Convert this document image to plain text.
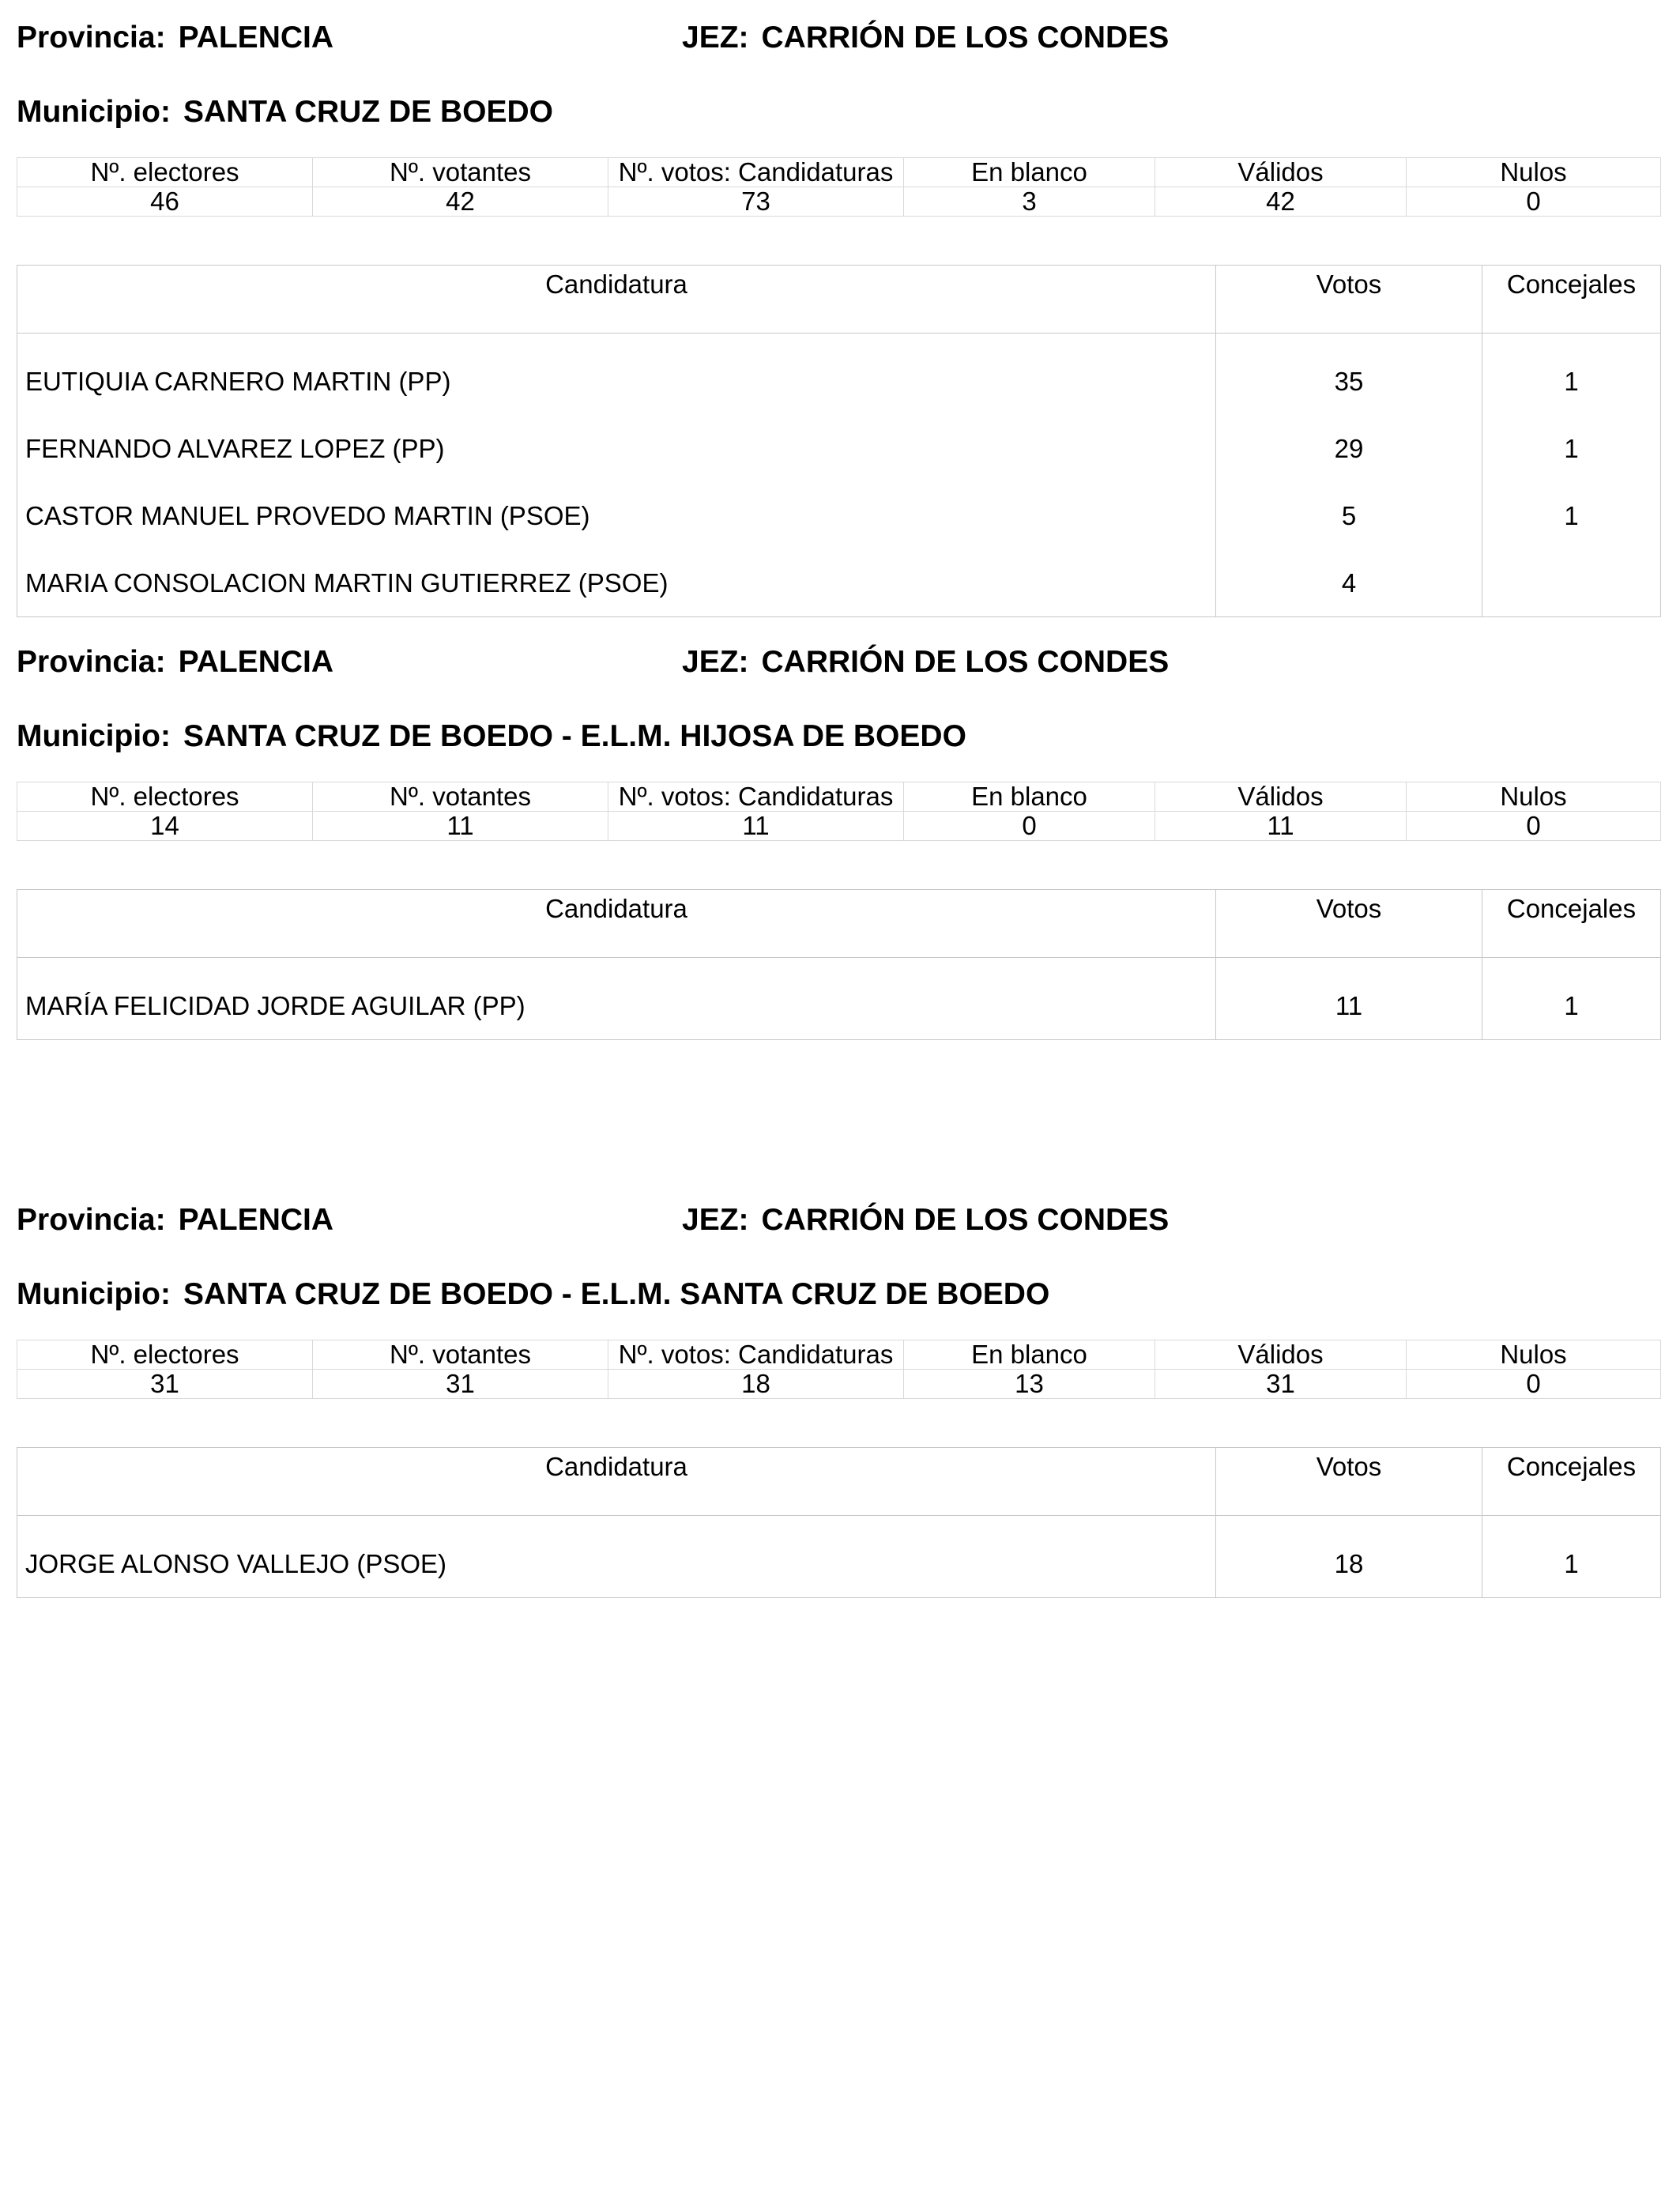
Provincia: PALENCIA	JEZ: CARRIÓN DE LOS CONDES
Municipio: SANTA CRUZ DE BOEDO
Nº. electores	Nº. votantes	Nº. votos: Candidaturas	En blanco	Válidos	Nulos
46	42	73	3	42	0
Candidatura	Votos	Concejales
EUTIQUIA CARNERO MARTIN (PP)	35	1
FERNANDO ALVAREZ LOPEZ (PP)	29	1
CASTOR MANUEL PROVEDO MARTIN (PSOE)	5	1
MARIA CONSOLACION MARTIN GUTIERREZ (PSOE)	4	
Provincia: PALENCIA	JEZ: CARRIÓN DE LOS CONDES
Municipio: SANTA CRUZ DE BOEDO - E.L.M. HIJOSA DE BOEDO
Nº. electores	Nº. votantes	Nº. votos: Candidaturas	En blanco	Válidos	Nulos
14	11	11	0	11	0
Candidatura	Votos	Concejales
MARÍA FELICIDAD JORDE AGUILAR (PP)	11	1
Provincia: PALENCIA	JEZ: CARRIÓN DE LOS CONDES
Municipio: SANTA CRUZ DE BOEDO - E.L.M. SANTA CRUZ DE BOEDO
Nº. electores	Nº. votantes	Nº. votos: Candidaturas	En blanco	Válidos	Nulos
31	31	18	13	31	0
Candidatura	Votos	Concejales
JORGE ALONSO VALLEJO (PSOE)	18	1
